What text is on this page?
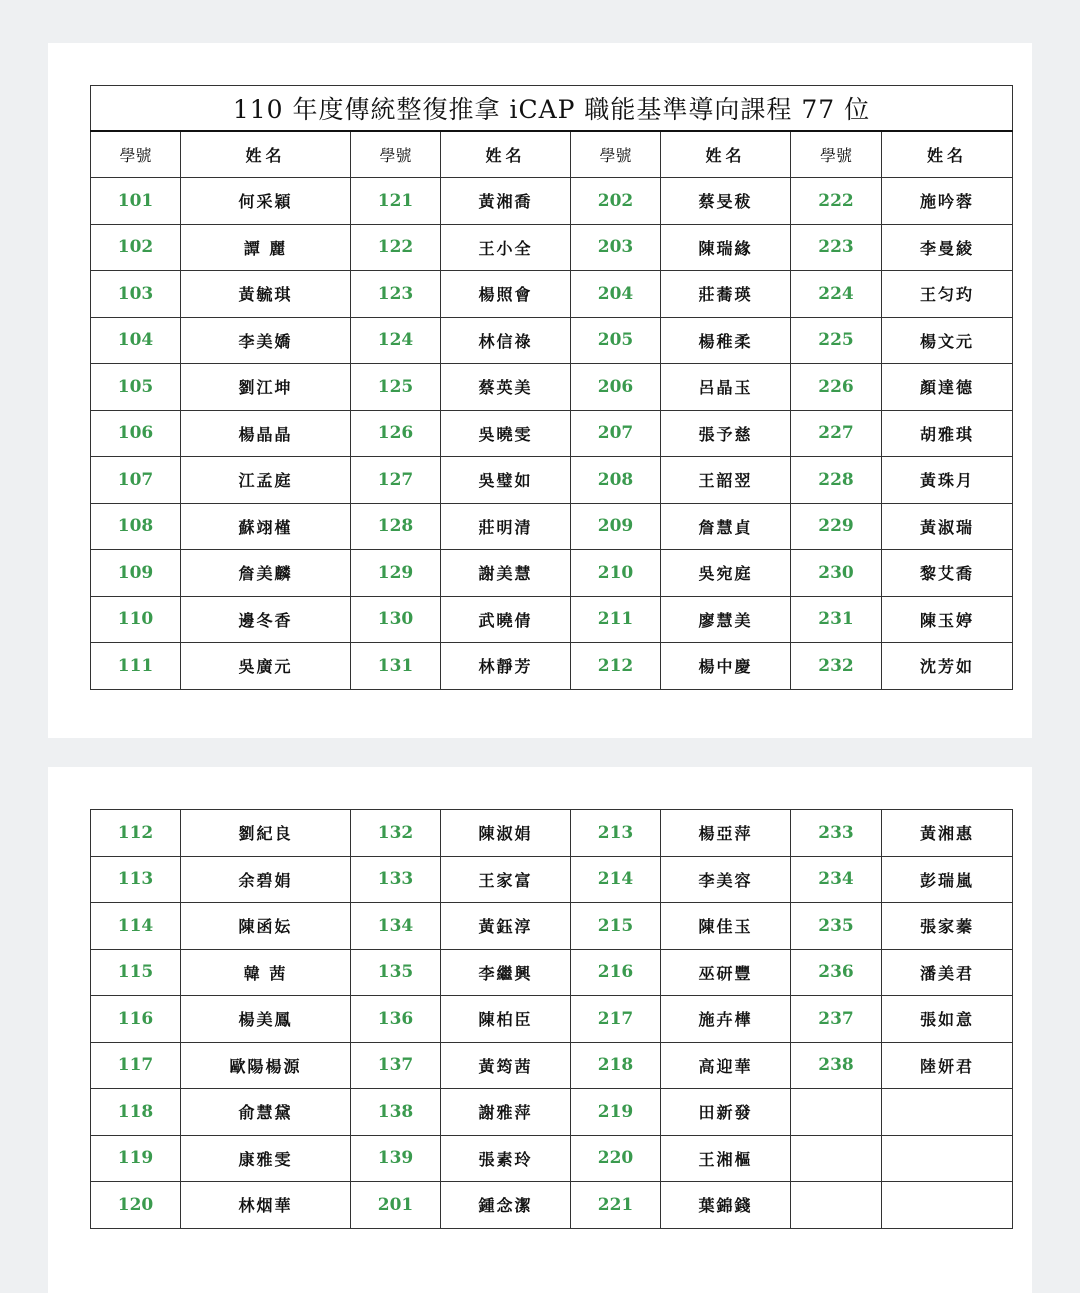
110 年度傳統整復推拿 iCAP 職能基準導向課程 77 位							
學號	姓名	學號	姓名	學號	姓名	學號	姓名
101	何采穎	121	黃湘喬	202	蔡旻秡	222	施吟蓉
102	譚 麗	122	王小全	203	陳瑞緣	223	李曼綾
103	黃毓琪	123	楊照會	204	莊蕎瑛	224	王匀玓
104	李美嬌	124	林信祿	205	楊稚柔	225	楊文元
105	劉江坤	125	蔡英美	206	呂晶玉	226	顏達德
106	楊晶晶	126	吳曉雯	207	張予慈	227	胡雅琪
107	江孟庭	127	吳璧如	208	王韶翌	228	黃珠月
108	蘇翊槿	128	莊明清	209	詹慧貞	229	黃淑瑞
109	詹美麟	129	謝美慧	210	吳宛庭	230	黎艾喬
110	邊冬香	130	武曉倩	211	廖慧美	231	陳玉婷
111	吳廣元	131	林靜芳	212	楊中慶	232	沈芳如
112	劉紀良	132	陳淑娟	213	楊亞萍	233	黃湘惠
113	余碧娟	133	王家富	214	李美容	234	彭瑞嵐
114	陳函妘	134	黃鈺淳	215	陳佳玉	235	張家蓁
115	韓 茜	135	李繼興	216	巫研豐	236	潘美君
116	楊美鳳	136	陳柏臣	217	施卉樺	237	張如意
117	歐陽楊源	137	黃筠茜	218	高迎華	238	陸妍君
118	俞慧黛	138	謝雅萍	219	田新發		
119	康雅雯	139	張素玲	220	王湘樞		
120	林烟華	201	鍾念潔	221	葉錦錢		
